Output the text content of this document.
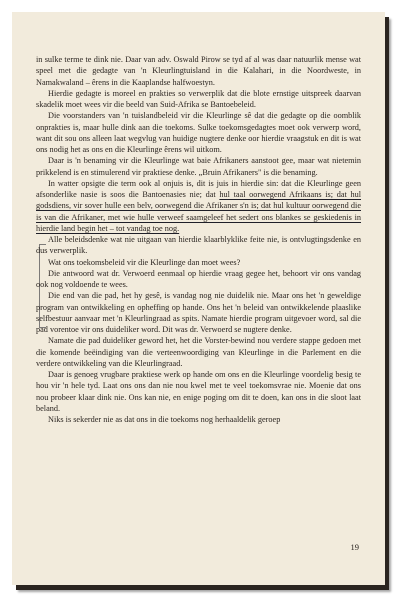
in sulke terme te dink nie. Daar van adv. Oswald Pirow se tyd af al was daar natuurlik mense wat speel met die gedagte van 'n Kleurlingtuisland in die Kalahari, in die Noordweste, in Namakwaland – êrens in die Kaaplandse halfwoestyn.

Hierdie gedagte is moreel en prakties so verwerplik dat die blote ernstige uitspreek daarvan skadelik moet wees vir die beeld van Suid-Afrika se Bantoebeleid.

Die voorstanders van 'n tuislandbeleid vir die Kleurlinge sê dat die gedagte op die oomblik onprakties is, maar hulle dink aan die toekoms. Sulke toekomsgedagtes moet ook verwerp word, want dit sou ons alleen laat wegvlug van huidige nugtere denke oor hierdie vraagstuk en dit is wat ons nodig het as ons en die Kleurlinge êrens wil uitkom.

Daar is 'n benaming vir die Kleurlinge wat baie Afrikaners aanstoot gee, maar wat nietemin prikkelend is en stimulerend vir praktiese denke. „Bruin Afrikaners" is die benaming.

In watter opsigte die term ook al onjuis is, dit is juis in hierdie sin: dat die Kleurlinge geen afsonderlike nasie is soos die Bantoenasies nie; dat hul taal oorwegend Afrikaans is; dat hul godsdiens, vir sover hulle een belv, oorwegend die Afrikaner s'n is; dat hul kultuur oorwegend die is van die Afrikaner, met wie hulle verweef saamgeleef het sedert ons blankes se geskiedenis in hierdie land begin het – tot vandag toe nog.

Alle beleidsdenke wat nie uitgaan van hierdie klaarblyklike feite nie, is ontvlugtingsdenke en dus verwerplik.

Wat ons toekomsbeleid vir die Kleurlinge dan moet wees?

Die antwoord wat dr. Verwoerd eenmaal op hierdie vraag gegee het, behoort vir ons vandag ook nog voldoende te wees.

Die end van die pad, het hy gesê, is vandag nog nie duidelik nie. Maar ons het 'n geweldige program van ontwikkeling en opheffing op hande. Ons het 'n beleid van ontwikkelende plaaslike selfbestuur aanvaar met 'n Kleurlingraad as spits. Namate hierdie program uitgevoer word, sal die pad vorentoe vir ons duideliker word. Dit was dr. Verwoerd se nugtere denke.

Namate die pad duideliker geword het, het die Vorster-bewind nou verdere stappe gedoen met die komende beëindiging van die verteenwoordiging van Kleurlinge in die Parlement en die verdere ontwikkeling van die Kleurlingraad.

Daar is genoeg vrugbare praktiese werk op hande om ons en die Kleurlinge voordelig besig te hou vir 'n hele tyd. Laat ons ons dan nie nou kwel met te veel toekomsvrae nie. Moenie dat ons nou probeer klaar dink nie. Ons kan nie, en enige poging om dit te doen, kan ons in die sloot laat beland.

Niks is sekerder nie as dat ons in die toekoms nog herhaaldelik geroep

19
